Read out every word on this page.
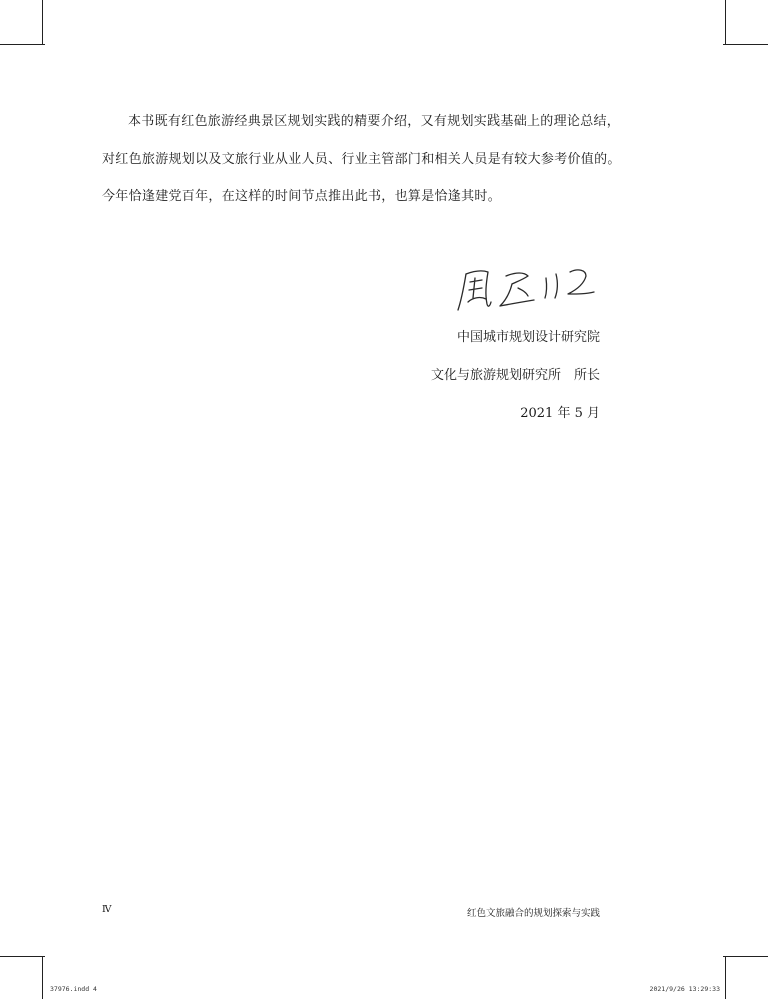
本书既有红色旅游经典景区规划实践的精要介绍，又有规划实践基础上的理论总结，
对红色旅游规划以及文旅行业从业人员、行业主管部门和相关人员是有较大参考价值的。
今年恰逢建党百年，在这样的时间节点推出此书，也算是恰逢其时。
中国城市规划设计研究院
文化与旅游规划研究所　所长
2021 年 5 月
Ⅳ	红色文旅融合的规划探索与实践
37976.indd 4	2021/9/26 13:29:33
